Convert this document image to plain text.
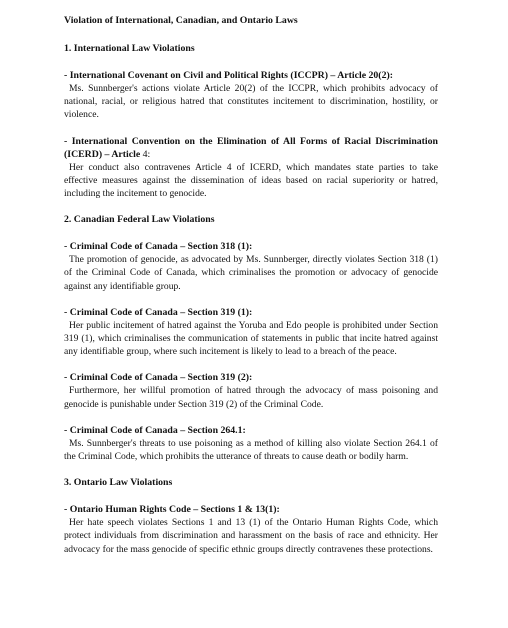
Violation of International, Canadian, and Ontario Laws
1. International Law Violations
- International Covenant on Civil and Political Rights (ICCPR) – Article 20(2):
Ms. Sunnberger's actions violate Article 20(2) of the ICCPR, which prohibits advocacy of national, racial, or religious hatred that constitutes incitement to discrimination, hostility, or violence.
- International Convention on the Elimination of All Forms of Racial Discrimination (ICERD) – Article 4:
Her conduct also contravenes Article 4 of ICERD, which mandates state parties to take effective measures against the dissemination of ideas based on racial superiority or hatred, including the incitement to genocide.
2. Canadian Federal Law Violations
- Criminal Code of Canada – Section 318 (1):
The promotion of genocide, as advocated by Ms. Sunnberger, directly violates Section 318 (1) of the Criminal Code of Canada, which criminalises the promotion or advocacy of genocide against any identifiable group.
- Criminal Code of Canada – Section 319 (1):
Her public incitement of hatred against the Yoruba and Edo people is prohibited under Section 319 (1), which criminalises the communication of statements in public that incite hatred against any identifiable group, where such incitement is likely to lead to a breach of the peace.
- Criminal Code of Canada – Section 319 (2):
Furthermore, her willful promotion of hatred through the advocacy of mass poisoning and genocide is punishable under Section 319 (2) of the Criminal Code.
- Criminal Code of Canada – Section 264.1:
Ms. Sunnberger's threats to use poisoning as a method of killing also violate Section 264.1 of the Criminal Code, which prohibits the utterance of threats to cause death or bodily harm.
3. Ontario Law Violations
- Ontario Human Rights Code – Sections 1 & 13(1):
Her hate speech violates Sections 1 and 13 (1) of the Ontario Human Rights Code, which protect individuals from discrimination and harassment on the basis of race and ethnicity. Her advocacy for the mass genocide of specific ethnic groups directly contravenes these protections.
